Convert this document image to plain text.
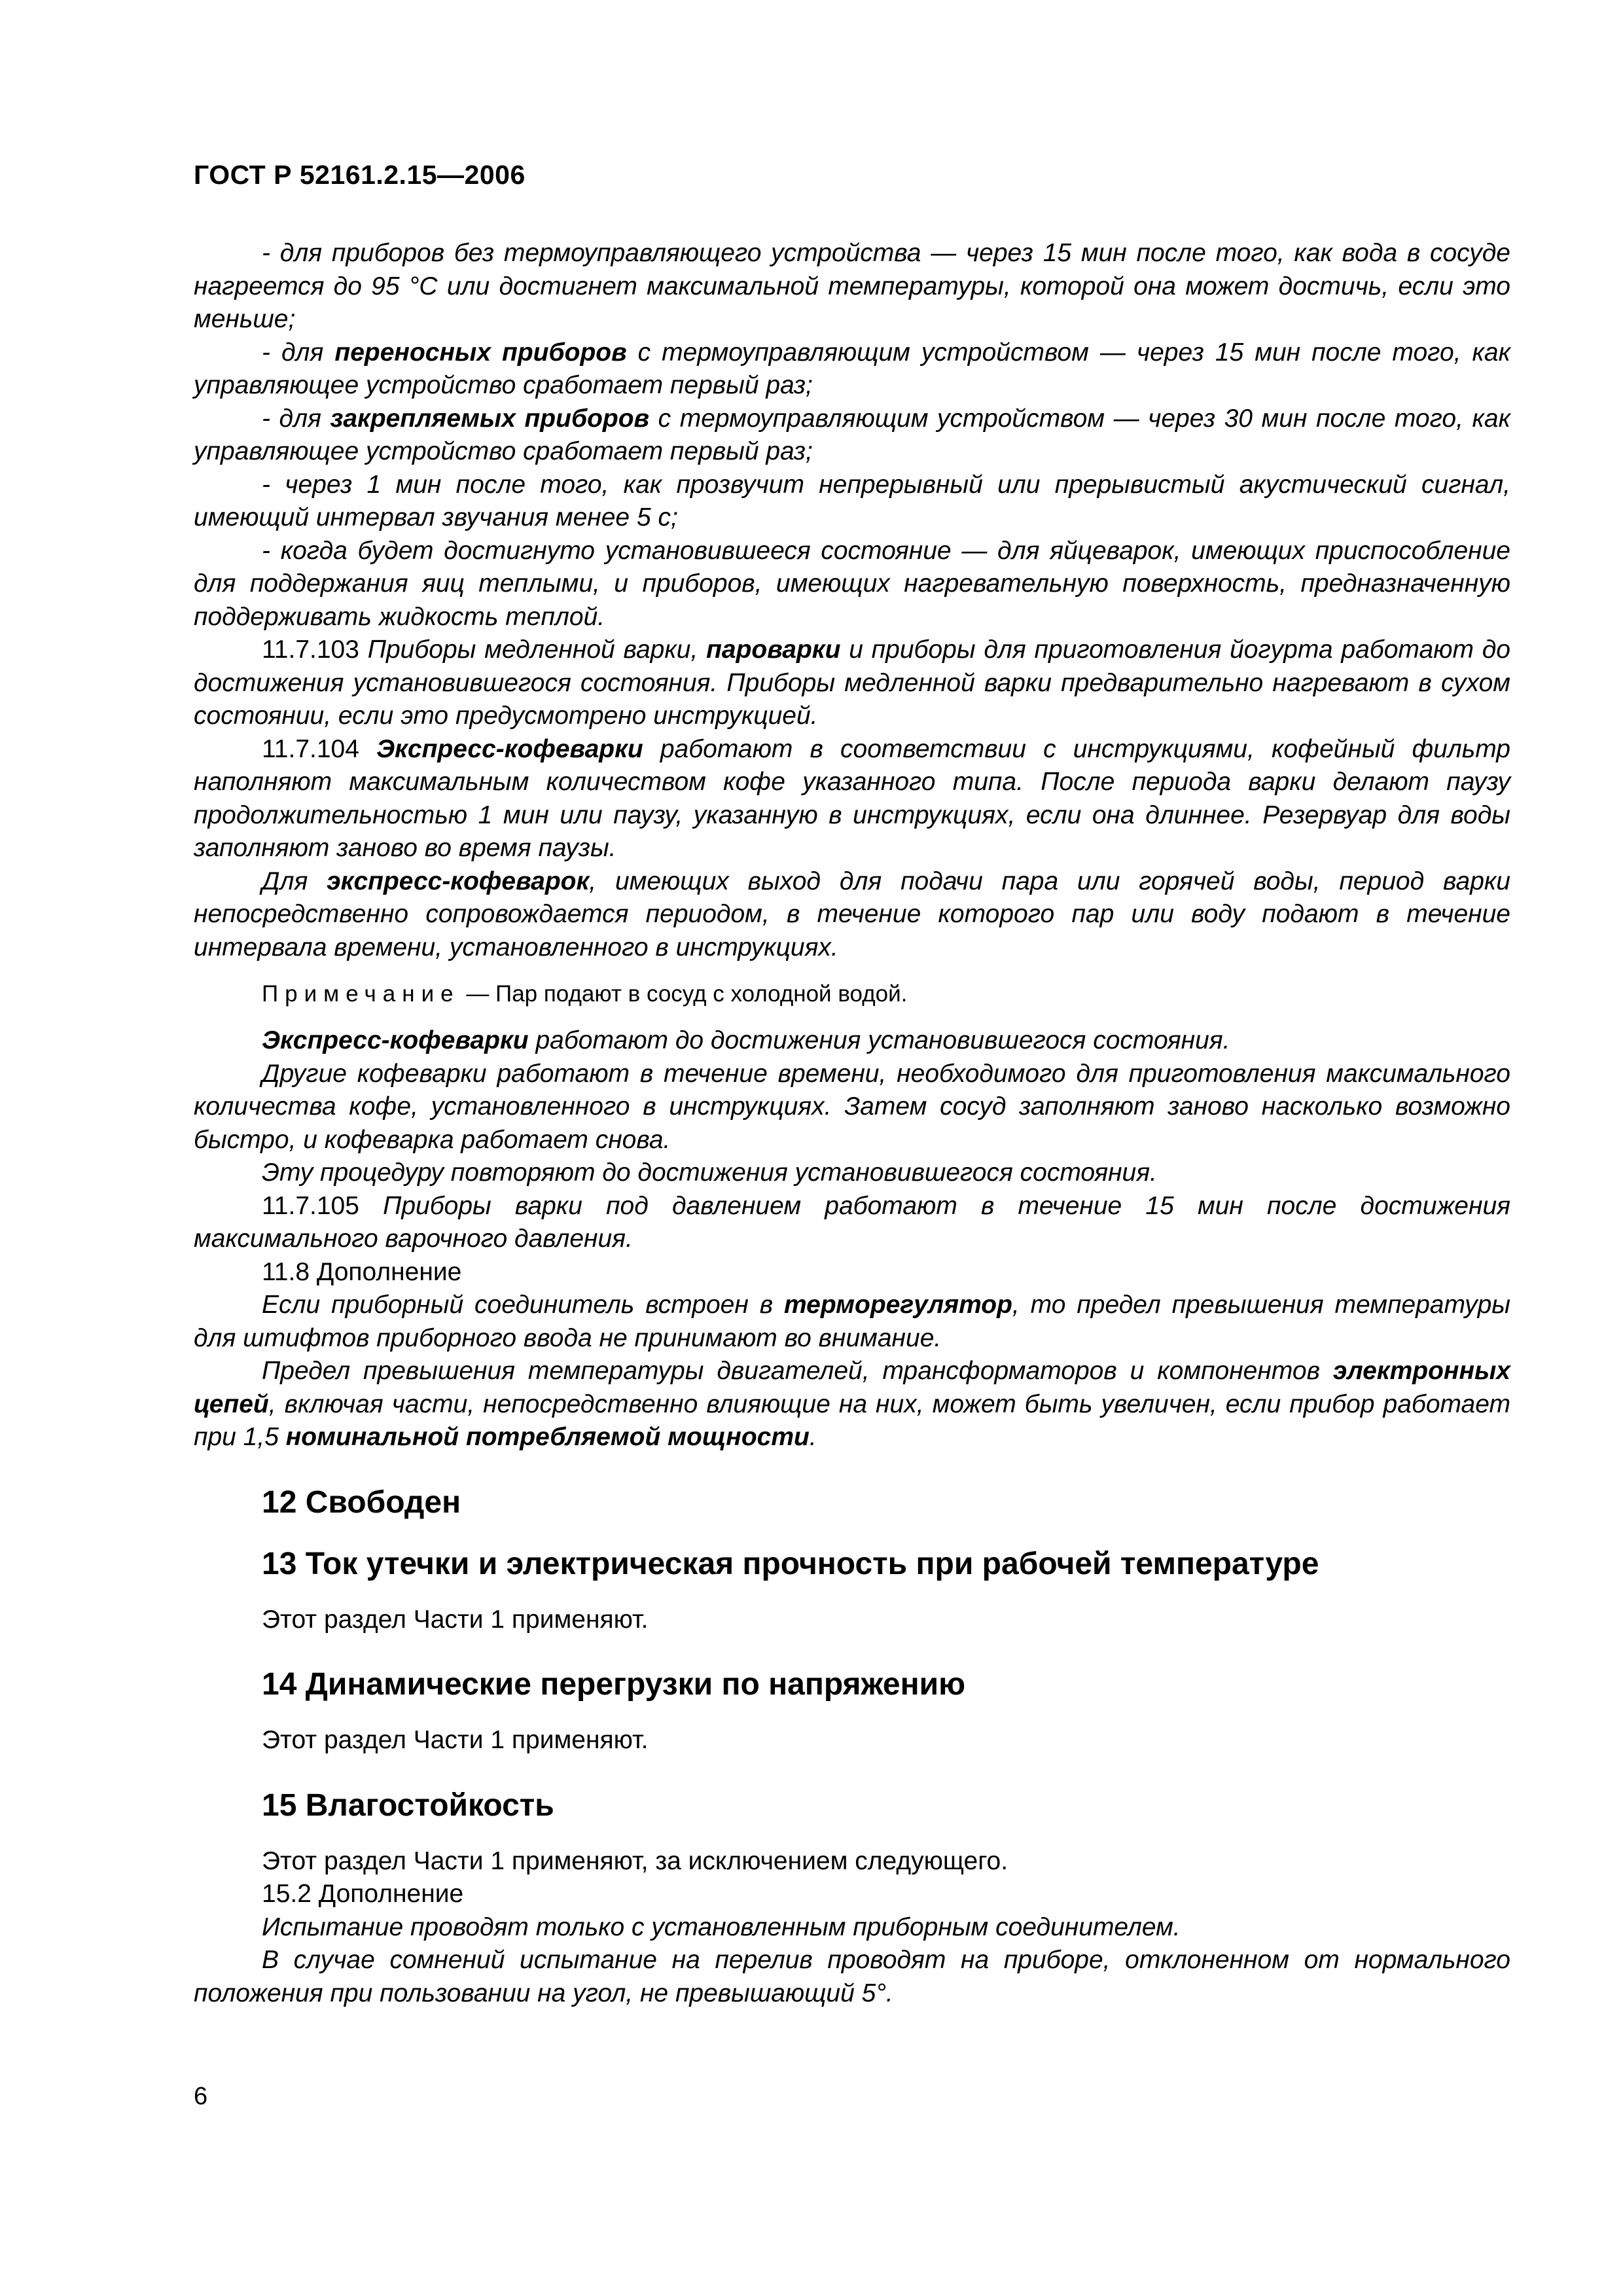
ГОСТ Р 52161.2.15—2006

- для приборов без термоуправляющего устройства — через 15 мин после того, как вода в сосуде нагреется до 95 °С или достигнет максимальной температуры, которой она может достичь, если это меньше;

- для переносных приборов с термоуправляющим устройством — через 15 мин после того, как управляющее устройство сработает первый раз;

- для закрепляемых приборов с термоуправляющим устройством — через 30 мин после того, как управляющее устройство сработает первый раз;

- через 1 мин после того, как прозвучит непрерывный или прерывистый акустический сигнал, имеющий интервал звучания менее 5 с;

- когда будет достигнуто установившееся состояние — для яйцеварок, имеющих приспособление для поддержания яиц теплыми, и приборов, имеющих нагревательную поверхность, предназначенную поддерживать жидкость теплой.

11.7.103 Приборы медленной варки, пароварки и приборы для приготовления йогурта работают до достижения установившегося состояния. Приборы медленной варки предварительно нагревают в сухом состоянии, если это предусмотрено инструкцией.

11.7.104 Экспресс-кофеварки работают в соответствии с инструкциями, кофейный фильтр наполняют максимальным количеством кофе указанного типа. После периода варки делают паузу продолжительностью 1 мин или паузу, указанную в инструкциях, если она длиннее. Резервуар для воды заполняют заново во время паузы.

Для экспресс-кофеварок, имеющих выход для подачи пара или горячей воды, период варки непосредственно сопровождается периодом, в течение которого пар или воду подают в течение интервала времени, установленного в инструкциях.

Примечание — Пар подают в сосуд с холодной водой.

Экспресс-кофеварки работают до достижения установившегося состояния.

Другие кофеварки работают в течение времени, необходимого для приготовления максимального количества кофе, установленного в инструкциях. Затем сосуд заполняют заново насколько возможно быстро, и кофеварка работает снова.

Эту процедуру повторяют до достижения установившегося состояния.

11.7.105 Приборы варки под давлением работают в течение 15 мин после достижения максимального варочного давления.

11.8 Дополнение

Если приборный соединитель встроен в терморегулятор, то предел превышения температуры для штифтов приборного ввода не принимают во внимание.

Предел превышения температуры двигателей, трансформаторов и компонентов электронных цепей, включая части, непосредственно влияющие на них, может быть увеличен, если прибор работает при 1,5 номинальной потребляемой мощности.

12 Свободен
13 Ток утечки и электрическая прочность при рабочей температуре

Этот раздел Части 1 применяют.

14 Динамические перегрузки по напряжению

Этот раздел Части 1 применяют.

15 Влагостойкость

Этот раздел Части 1 применяют, за исключением следующего.

15.2 Дополнение

Испытание проводят только с установленным приборным соединителем.

В случае сомнений испытание на перелив проводят на приборе, отклоненном от нормального положения при пользовании на угол, не превышающий 5°.

6
